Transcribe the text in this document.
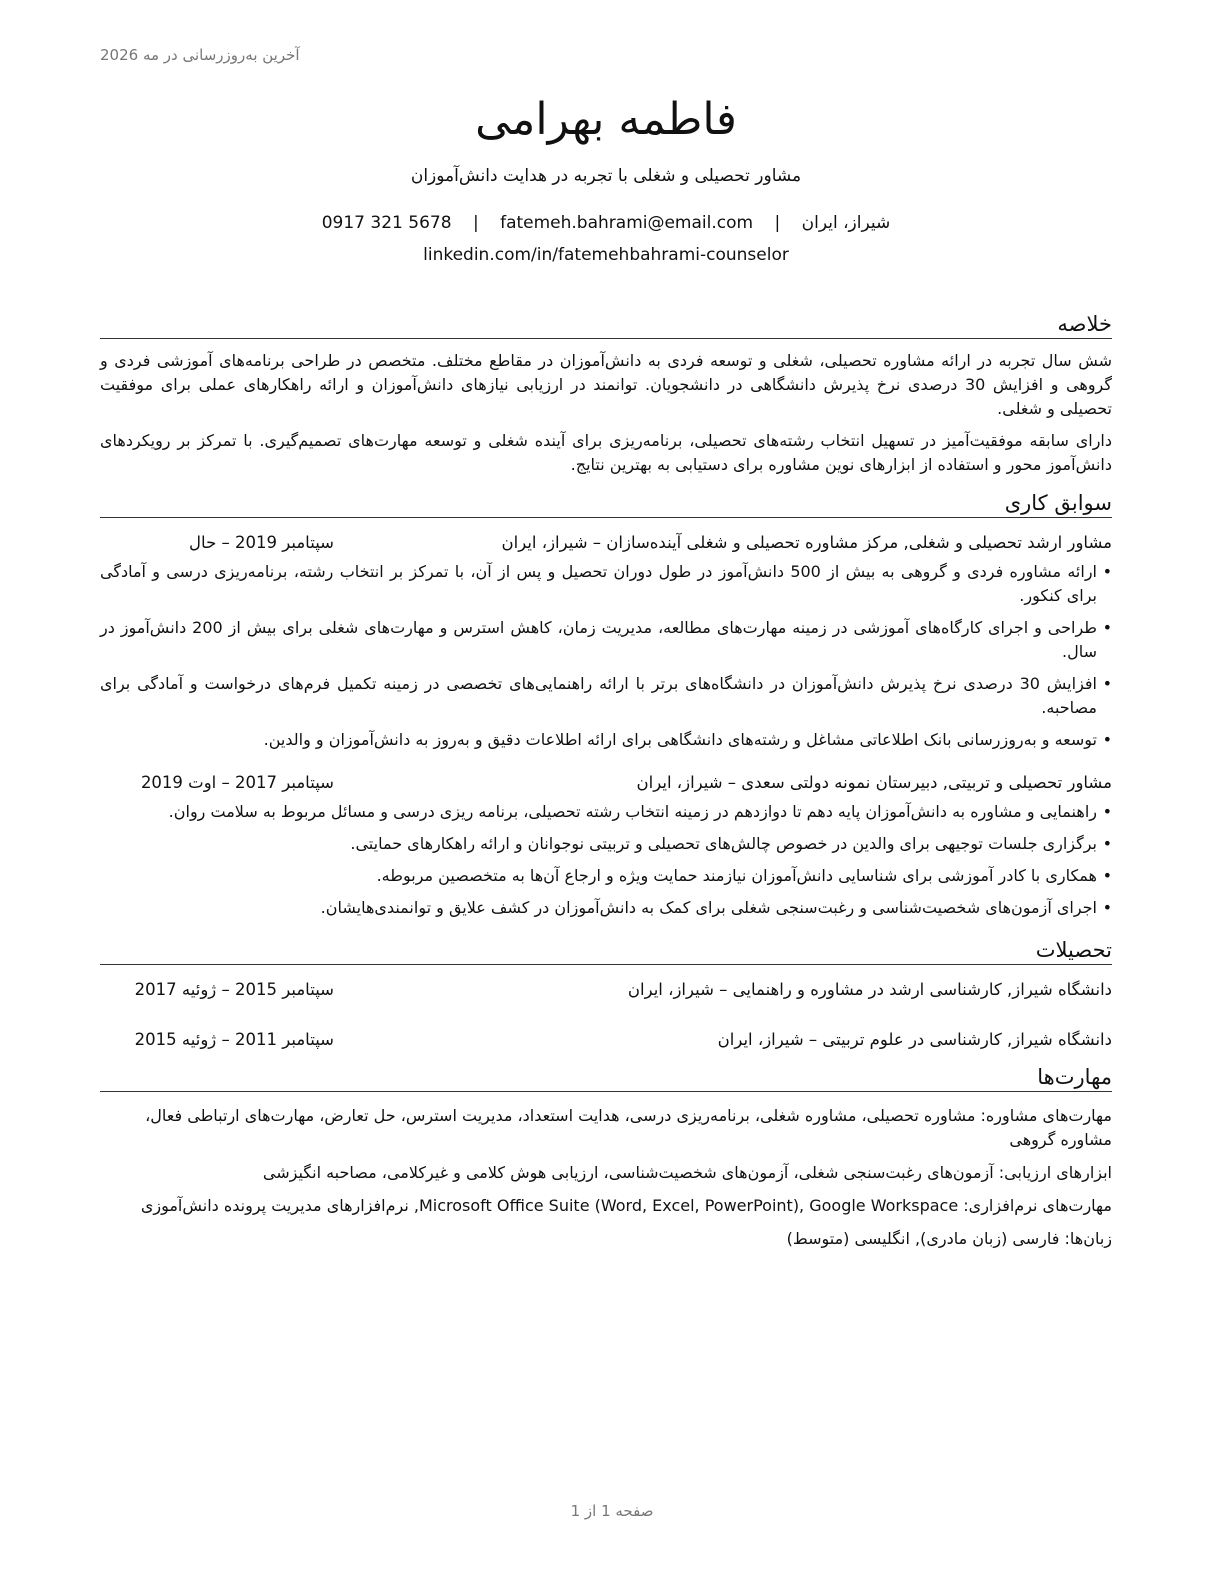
آخرین به‌روزرسانی در مه 2026
فاطمه بهرامی
مشاور تحصیلی و شغلی با تجربه در هدایت دانش‌آموزان
شیراز، ایران | fatemeh.bahrami@email.com | 0917 321 5678
linkedin.com/in/fatemehbahrami-counselor
خلاصه

شش سال تجربه در ارائه مشاوره تحصیلی، شغلی و توسعه فردی به دانش‌آموزان در مقاطع مختلف. متخصص در طراحی برنامه‌های آموزشی فردی و گروهی و افزایش 30 درصدی نرخ پذیرش دانشگاهی در دانشجویان. توانمند در ارزیابی نیازهای دانش‌آموزان و ارائه راهکارهای عملی برای موفقیت تحصیلی و شغلی.

دارای سابقه موفقیت‌آمیز در تسهیل انتخاب رشته‌های تحصیلی، برنامه‌ریزی برای آینده شغلی و توسعه مهارت‌های تصمیم‌گیری. با تمرکز بر رویکردهای دانش‌آموز محور و استفاده از ابزارهای نوین مشاوره برای دستیابی به بهترین نتایج.

سوابق کاری
مشاور ارشد تحصیلی و شغلی, مرکز مشاوره تحصیلی و شغلی آینده‌سازان – شیراز، ایران
سپتامبر 2019 – حال
• ارائه مشاوره فردی و گروهی به بیش از 500 دانش‌آموز در طول دوران تحصیل و پس از آن، با تمرکز بر انتخاب رشته، برنامه‌ریزی درسی و آمادگی برای کنکور.
• طراحی و اجرای کارگاه‌های آموزشی در زمینه مهارت‌های مطالعه، مدیریت زمان، کاهش استرس و مهارت‌های شغلی برای بیش از 200 دانش‌آموز در سال.
• افزایش 30 درصدی نرخ پذیرش دانش‌آموزان در دانشگاه‌های برتر با ارائه راهنمایی‌های تخصصی در زمینه تکمیل فرم‌های درخواست و آمادگی برای مصاحبه.
• توسعه و به‌روزرسانی بانک اطلاعاتی مشاغل و رشته‌های دانشگاهی برای ارائه اطلاعات دقیق و به‌روز به دانش‌آموزان و والدین.
مشاور تحصیلی و تربیتی, دبیرستان نمونه دولتی سعدی – شیراز، ایران
سپتامبر 2017 – اوت 2019
• راهنمایی و مشاوره به دانش‌آموزان پایه دهم تا دوازدهم در زمینه انتخاب رشته تحصیلی، برنامه ریزی درسی و مسائل مربوط به سلامت روان.
• برگزاری جلسات توجیهی برای والدین در خصوص چالش‌های تحصیلی و تربیتی نوجوانان و ارائه راهکارهای حمایتی.
• همکاری با کادر آموزشی برای شناسایی دانش‌آموزان نیازمند حمایت ویژه و ارجاع آن‌ها به متخصصین مربوطه.
• اجرای آزمون‌های شخصیت‌شناسی و رغبت‌سنجی شغلی برای کمک به دانش‌آموزان در کشف علایق و توانمندی‌هایشان.
تحصیلات
دانشگاه شیراز, کارشناسی ارشد در مشاوره و راهنمایی – شیراز، ایران
سپتامبر 2015 – ژوئیه 2017
دانشگاه شیراز, کارشناسی در علوم تربیتی – شیراز، ایران
سپتامبر 2011 – ژوئیه 2015
مهارت‌ها
مهارت‌های مشاوره: مشاوره تحصیلی، مشاوره شغلی، برنامه‌ریزی درسی، هدایت استعداد، مدیریت استرس، حل تعارض، مهارت‌های ارتباطی فعال، مشاوره گروهی
ابزارهای ارزیابی: آزمون‌های رغبت‌سنجی شغلی، آزمون‌های شخصیت‌شناسی، ارزیابی هوش کلامی و غیرکلامی، مصاحبه انگیزشی
مهارت‌های نرم‌افزاری: Microsoft Office Suite (Word, Excel, PowerPoint), Google Workspace, نرم‌افزارهای مدیریت پرونده دانش‌آموزی
زبان‌ها: فارسی (زبان مادری), انگلیسی (متوسط)
صفحه 1 از 1
